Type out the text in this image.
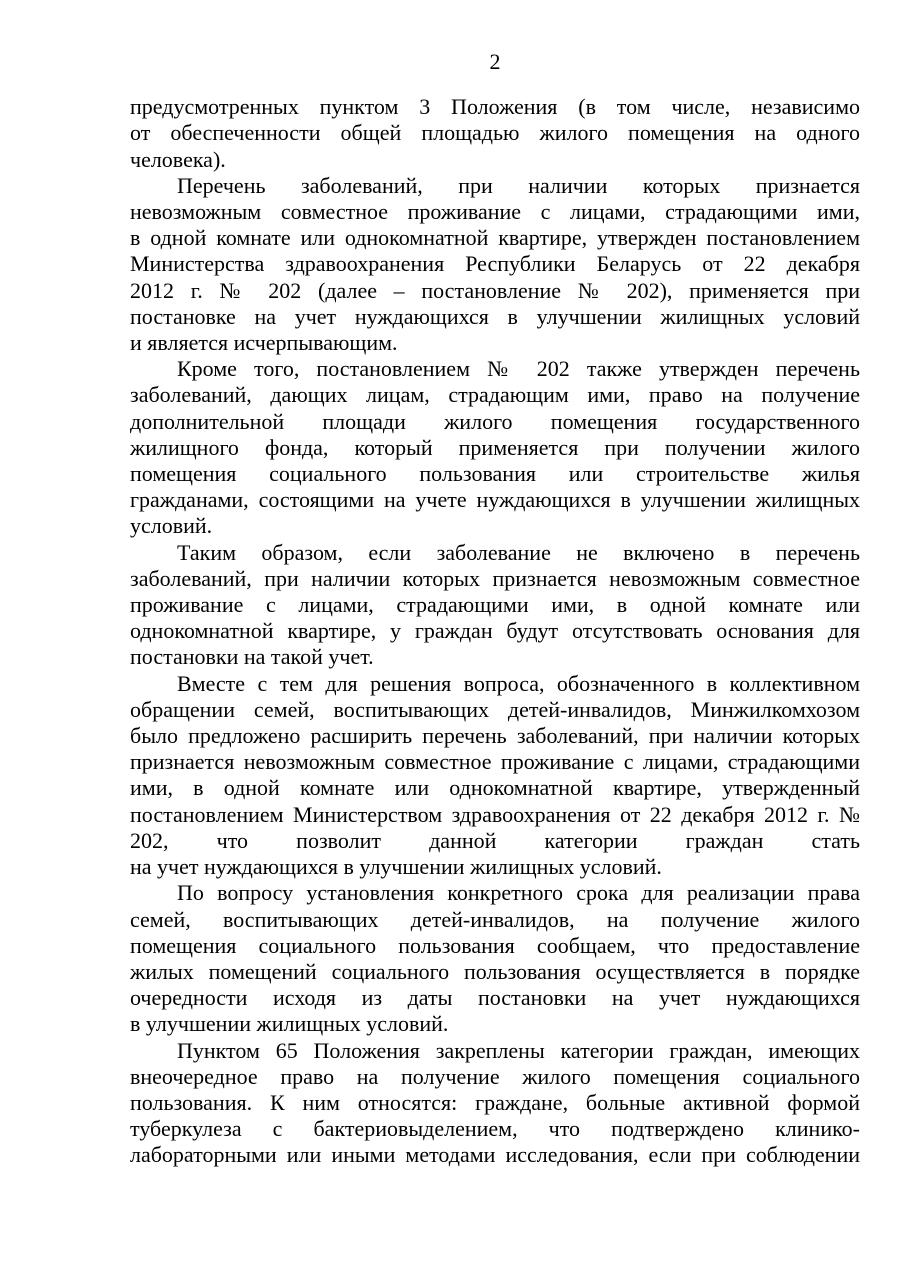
2
предусмотренных пунктом 3 Положения (в том числе, независимо
от обеспеченности общей площадью жилого помещения на одного
человека).
Перечень заболеваний, при наличии которых признается
невозможным совместное проживание с лицами, страдающими ими,
в одной комнате или однокомнатной квартире, утвержден постановлением
Министерства здравоохранения Республики Беларусь от 22 декабря
2012 г. № 202 (далее – постановление № 202), применяется при
постановке на учет нуждающихся в улучшении жилищных условий
и является исчерпывающим.
Кроме того, постановлением № 202 также утвержден перечень
заболеваний, дающих лицам, страдающим ими, право на получение
дополнительной площади жилого помещения государственного
жилищного фонда, который применяется при получении жилого
помещения социального пользования или строительстве жилья
гражданами, состоящими на учете нуждающихся в улучшении жилищных
условий.
Таким образом, если заболевание не включено в перечень
заболеваний, при наличии которых признается невозможным совместное
проживание с лицами, страдающими ими, в одной комнате или
однокомнатной квартире, у граждан будут отсутствовать основания для
постановки на такой учет.
Вместе с тем для решения вопроса, обозначенного в коллективном
обращении семей, воспитывающих детей-инвалидов, Минжилкомхозом
было предложено расширить перечень заболеваний, при наличии которых
признается невозможным совместное проживание с лицами, страдающими
ими, в одной комнате или однокомнатной квартире, утвержденный
постановлением Министерством здравоохранения от 22 декабря 2012 г. №
202, что позволит данной категории граждан стать
на учет нуждающихся в улучшении жилищных условий.
По вопросу установления конкретного срока для реализации права
семей, воспитывающих детей-инвалидов, на получение жилого
помещения социального пользования сообщаем, что предоставление
жилых помещений социального пользования осуществляется в порядке
очередности исходя из даты постановки на учет нуждающихся
в улучшении жилищных условий.
Пунктом 65 Положения закреплены категории граждан, имеющих
внеочередное право на получение жилого помещения социального
пользования. К ним относятся: граждане, больные активной формой
туберкулеза с бактериовыделением, что подтверждено клинико-
лабораторными или иными методами исследования, если при соблюдении
